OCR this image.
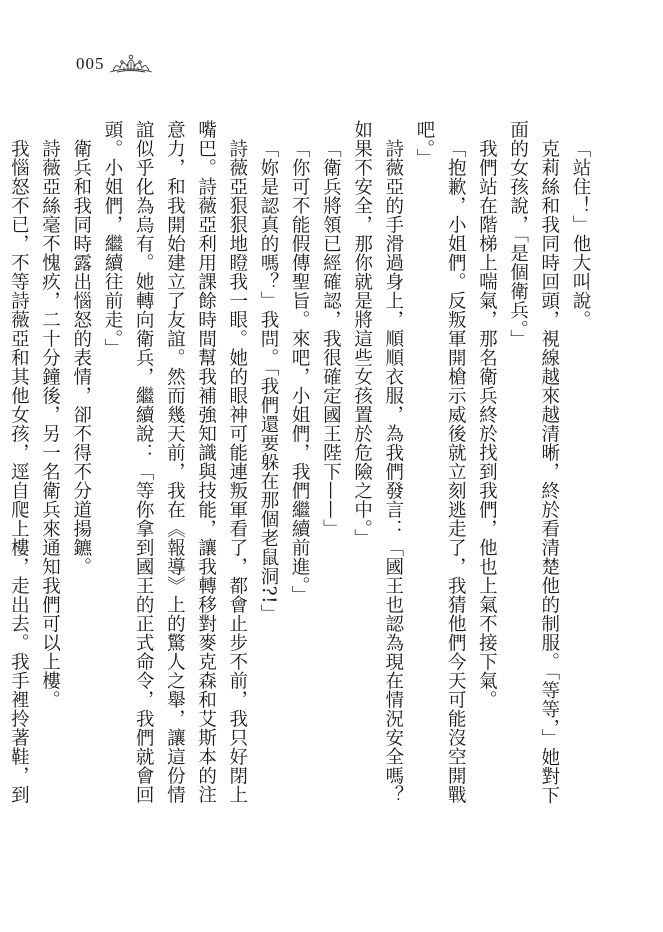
005

「站住！」他大叫說。

克莉絲和我同時回頭，視線越來越清晰，終於看清楚他的制服。「等等，」她對下面的女孩說，「是個衛兵。」

我們站在階梯上喘氣，那名衛兵終於找到我們，他也上氣不接下氣。

「抱歉，小姐們。反叛軍開槍示威後就立刻逃走了，我猜他們今天可能沒空開戰吧。」

詩薇亞的手滑過身上，順順衣服，為我們發言：「國王也認為現在情況安全嗎？如果不安全，那你就是將這些女孩置於危險之中。」

「衛兵將領已經確認，我很確定國王陛下——」

「你可不能假傳聖旨。來吧，小姐們，我們繼續前進。」

「妳是認真的嗎？」我問。「我們還要躲在那個老鼠洞?!」

詩薇亞狠狠地瞪我一眼。她的眼神可能連叛軍看了，都會止步不前，我只好閉上嘴巴。詩薇亞利用課餘時間幫我補強知識與技能，讓我轉移對麥克森和艾斯本的注意力，和我開始建立了友誼。然而幾天前，我在《報導》上的驚人之舉，讓這份情誼似乎化為烏有。她轉向衛兵，繼續說：「等你拿到國王的正式命令，我們就會回頭。小姐們，繼續往前走。」

衛兵和我同時露出惱怒的表情，卻不得不分道揚鑣。

詩薇亞絲毫不愧疚，二十分鐘後，另一名衛兵來通知我們可以上樓。

我惱怒不已，不等詩薇亞和其他女孩，逕自爬上樓，走出去。我手裡拎著鞋，到
